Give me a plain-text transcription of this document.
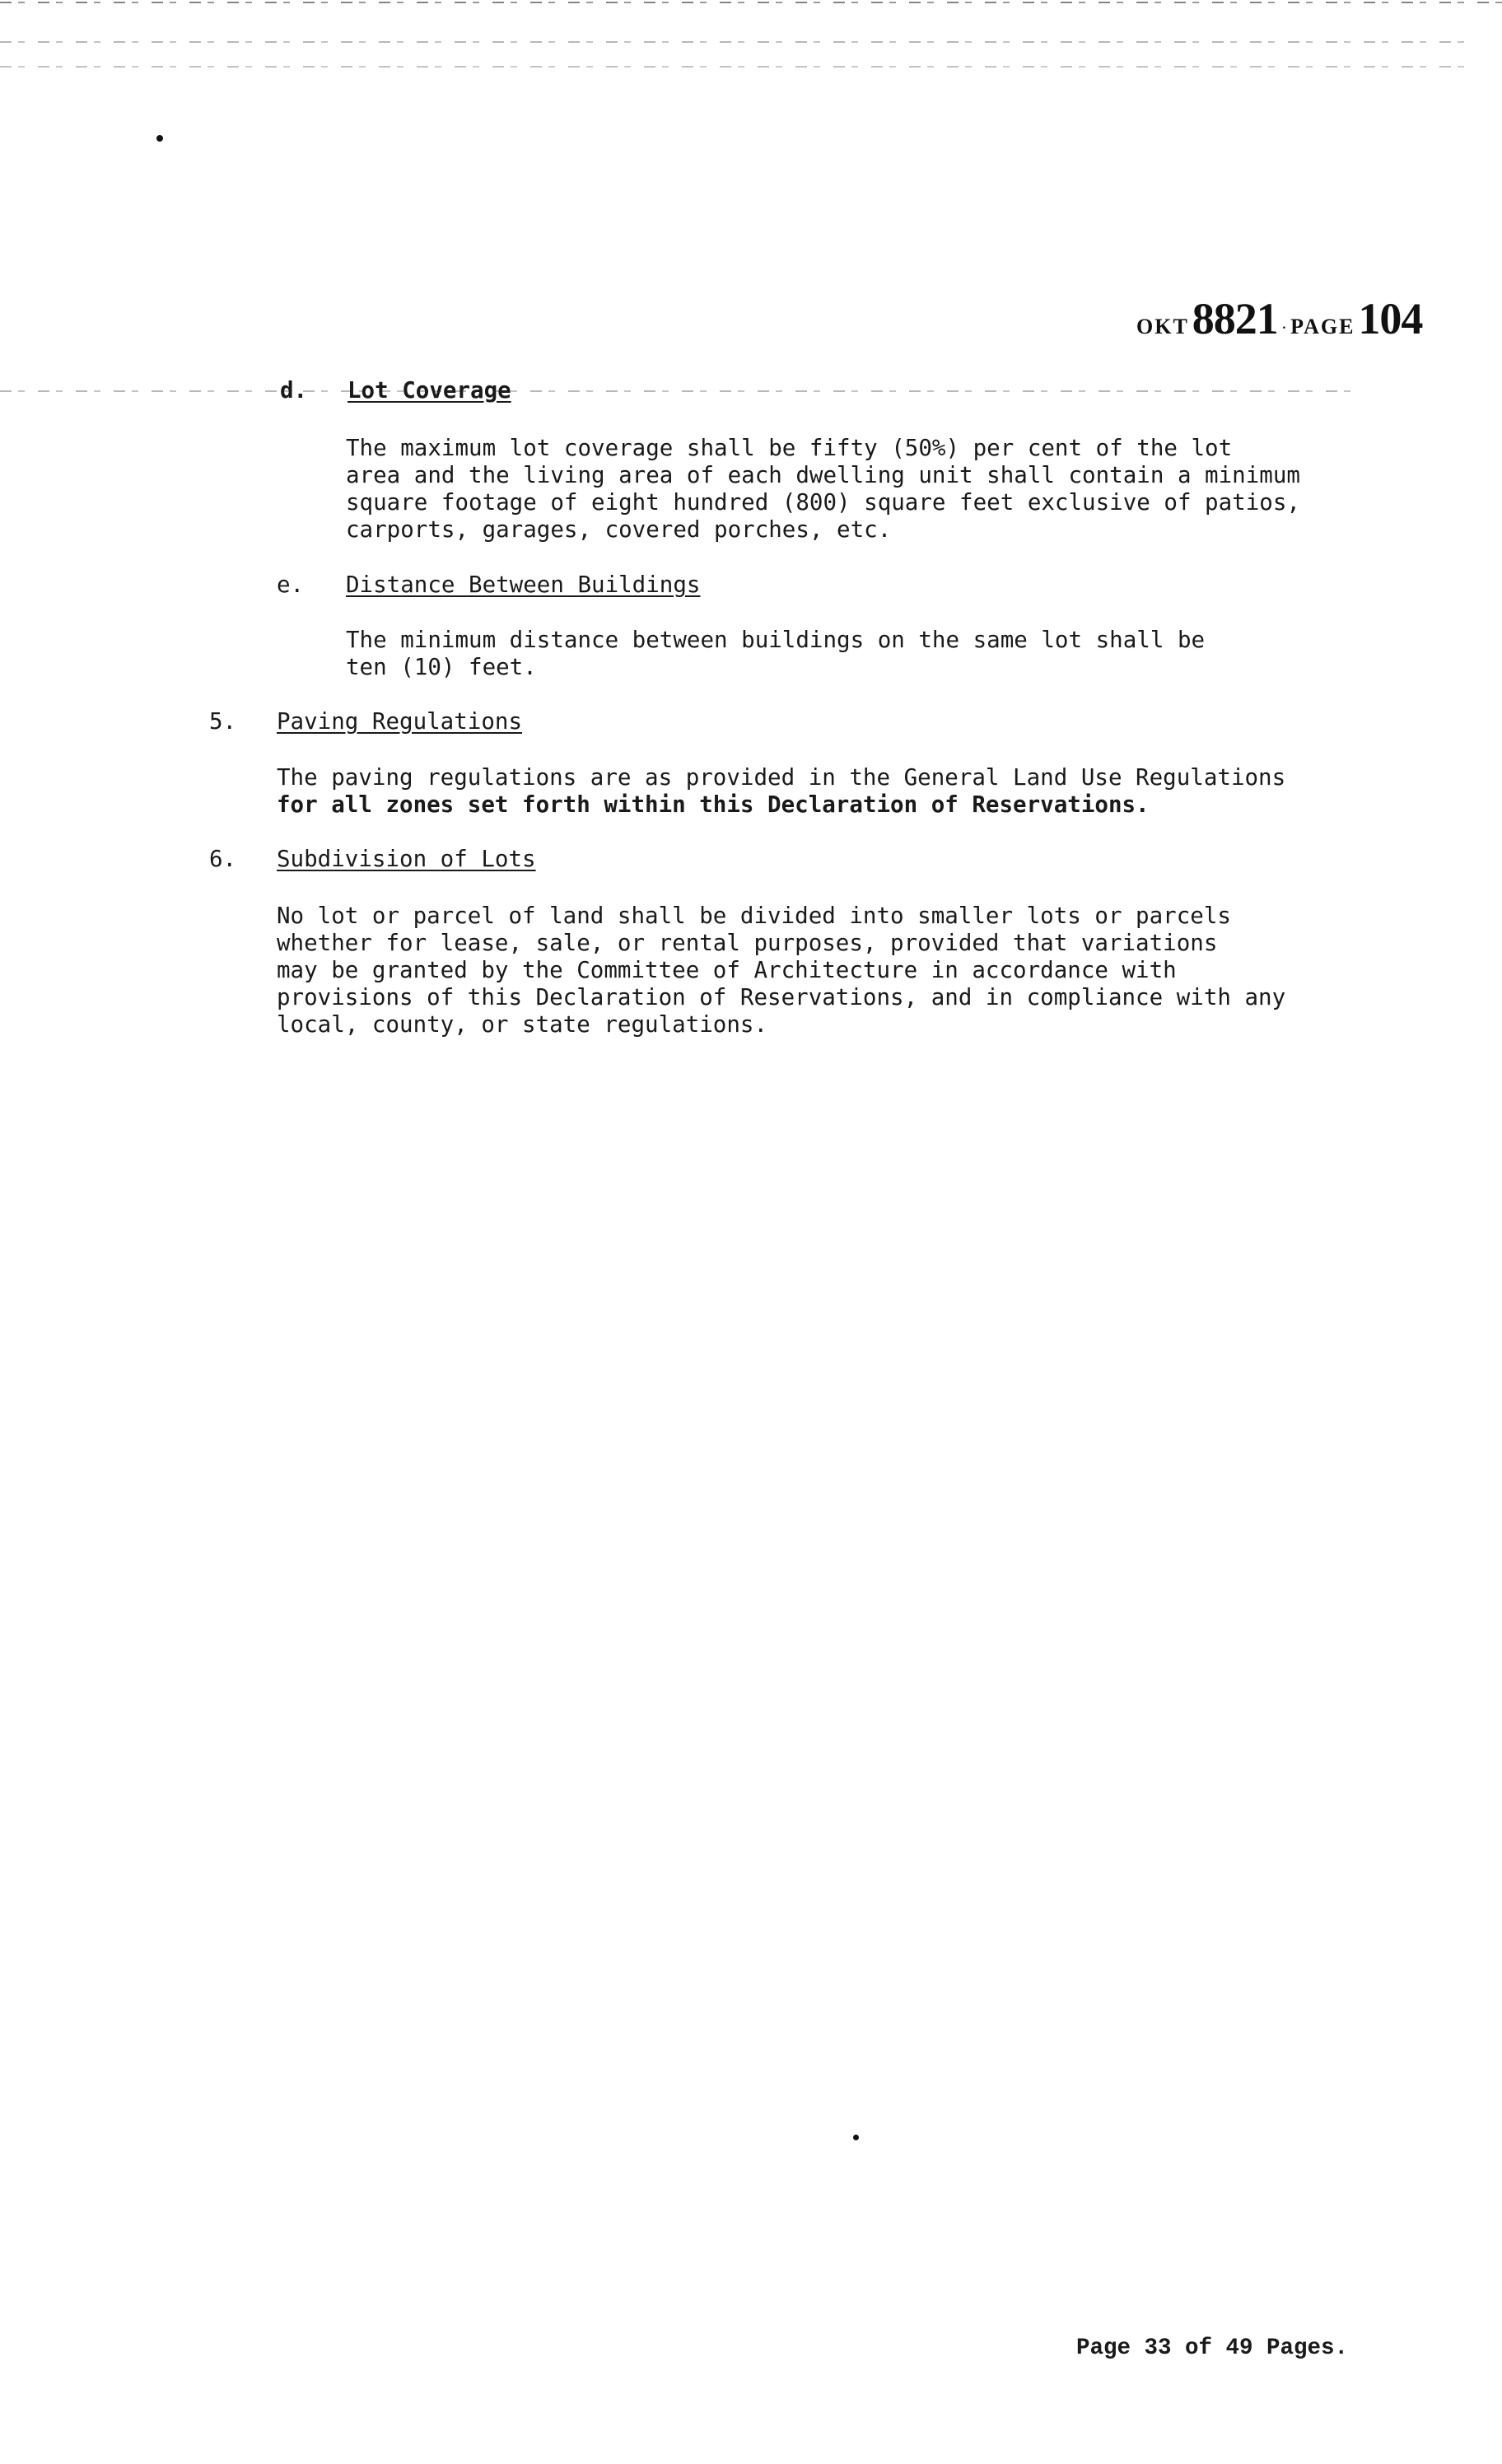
OKT 8821 · PAGE 104
d. Lot Coverage
The maximum lot coverage shall be fifty (50%) per cent of the lot
area and the living area of each dwelling unit shall contain a minimum
square footage of eight hundred (800) square feet exclusive of patios,
carports, garages, covered porches, etc.
e. Distance Between Buildings
The minimum distance between buildings on the same lot shall be
ten (10) feet.
5. Paving Regulations
The paving regulations are as provided in the General Land Use Regulations
for all zones set forth within this Declaration of Reservations.
6. Subdivision of Lots
No lot or parcel of land shall be divided into smaller lots or parcels
whether for lease, sale, or rental purposes, provided that variations
may be granted by the Committee of Architecture in accordance with
provisions of this Declaration of Reservations, and in compliance with any
local, county, or state regulations.
Page 33 of 49 Pages.
